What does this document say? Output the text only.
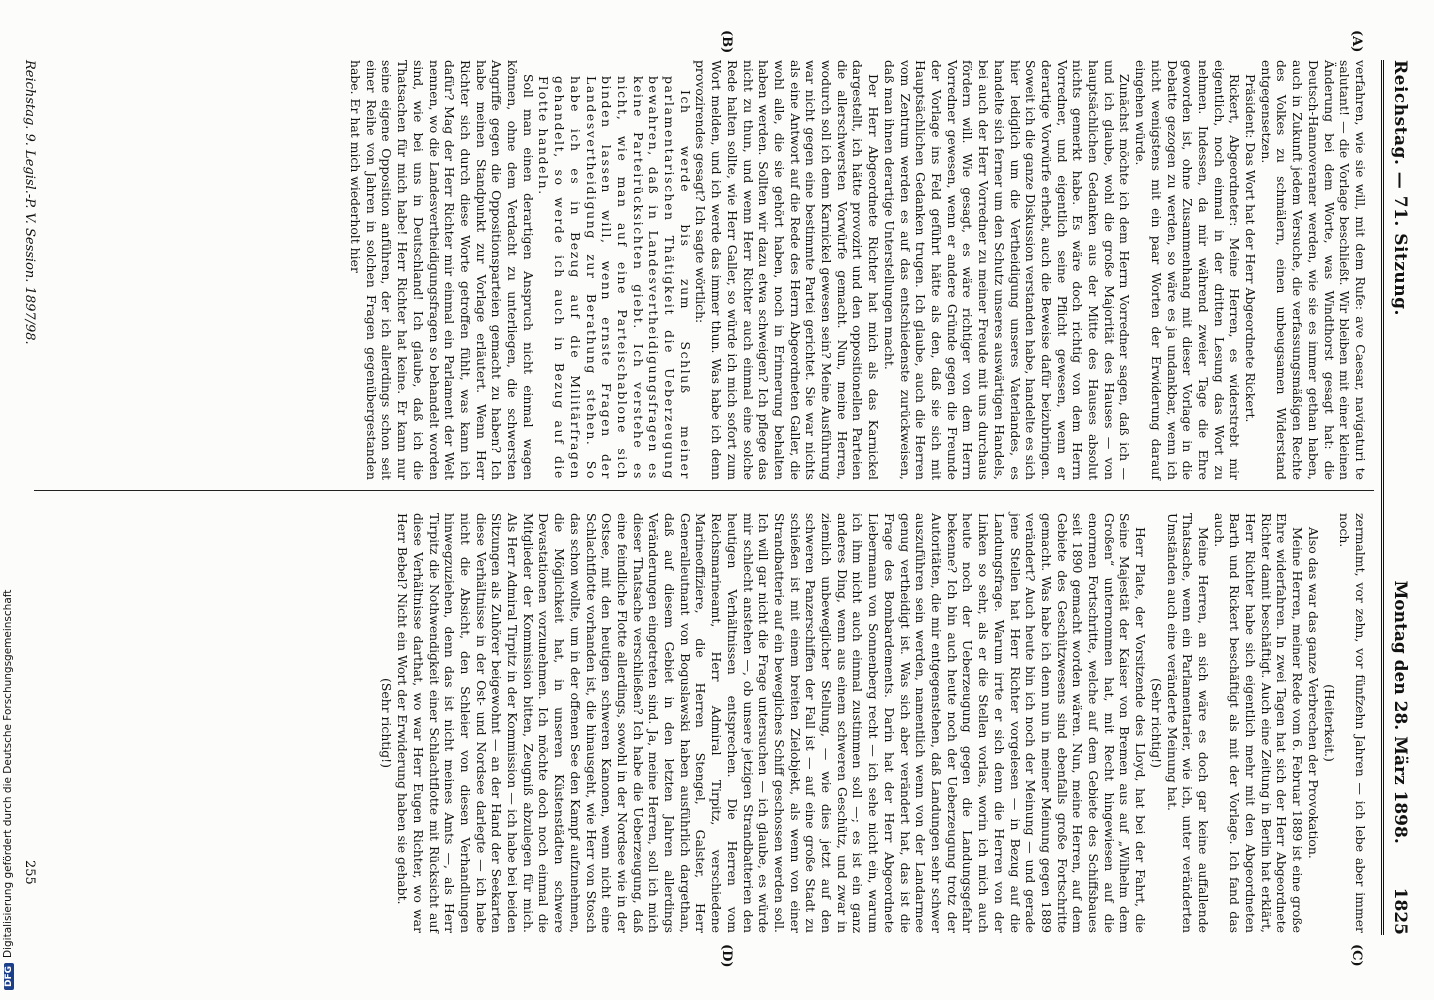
Reichstag. — 71. Sitzung.
Montag den 28. März 1898. 1825
(A)
(B)
(C)
(D)

verfahren, wie sie will, mit dem Rufe: ave Caesar, navigaturi te salutant! — die Vorlage beschließt. Wir bleiben mit einer kleinen Änderung bei dem Worte, was Windthorst gesagt hat: die Deutsch-Hannoveraner werden, wie sie es immer gethan haben, auch in Zukunft jedem Versuche, die verfassungsmäßigen Rechte des Volkes zu schmälern, einen unbeugsamen Widerstand entgegensetzen.

Präsident: Das Wort hat der Herr Abgeordnete Rickert.

Rickert, Abgeordneter: Meine Herren, es widerstrebt mir eigentlich, noch einmal in der dritten Lesung das Wort zu nehmen. Indessen, da mir während zweier Tage die Ehre geworden ist, ohne Zusammenhang mit dieser Vorlage in die Debatte gezogen zu werden, so wäre es ja undankbar, wenn ich nicht wenigstens mit ein paar Worten der Erwiderung darauf eingehen würde.

Zunächst möchte ich dem Herrn Vorredner sagen, daß ich — und ich glaube, wohl die große Majorität des Hauses — von hauptsächlichen Gedanken aus der Mitte des Hauses absolut nichts gemerkt habe. Es wäre doch richtig von dem Herrn Vorredner, und eigentlich seine Pflicht gewesen, wenn er derartige Vorwürfe erhebt, auch die Beweise dafür beizubringen. Soweit ich die ganze Diskussion verstanden habe, handelte es sich hier lediglich um die Vertheidigung unseres Vaterlandes, es handelte sich ferner um den Schutz unseres auswärtigen Handels, bei auch der Herr Vorredner zu meiner Freude mit uns durchaus fördern will. Wie gesagt, es wäre richtiger von dem Herrn Vorredner gewesen, wenn er andere Gründe gegen die Freunde der Vorlage ins Feld geführt hätte als den, daß sie sich mit Hauptsächlichen Gedanken trugen. Ich glaube, auch die Herren vom Zentrum werden es auf das entschiedenste zurückweisen, daß man ihnen derartige Unterstellungen macht.

Der Herr Abgeordnete Richter hat mich als das Karnickel dargestellt, ich hätte provozirt und den oppositionellen Parteien die allerschwersten Vorwürfe gemacht. Nun, meine Herren, wodurch soll ich denn Karnickel gewesen sein? Meine Ausführung war nicht gegen eine bestimmte Partei gerichtet. Sie war nichts als eine Antwort auf die Rede des Herrn Abgeordneten Galler, die wohl alle, die sie gehört haben, noch in Erinnerung behalten haben werden. Sollten wir dazu etwa schweigen? Ich pflege das nicht zu thun, und wenn Herr Richter auch einmal eine solche Rede halten sollte, wie Herr Galler, so würde ich mich sofort zum Wort melden, und ich werde das immer thun. Was habe ich denn provozirendes gesagt? Ich sagte wörtlich:

Ich werde bis zum Schluß meiner parlamentarischen Thätigkeit die Ueberzeugung bewahren, daß in Landesvertheidigungsfragen es keine Parteirücksichten giebt. Ich verstehe es nicht, wie man auf eine Parteischablone sich binden lassen will, wenn ernste Fragen der Landesvertheidigung zur Berathung stehen. So habe ich es in Bezug auf die Militärfragen gehandelt, so werde ich auch in Bezug auf die Flotte handeln.

Soll man einen derartigen Anspruch nicht einmal wagen können, ohne dem Verdacht zu unterliegen, die schwersten Angriffe gegen die Oppositionsparteien gemacht zu haben? Ich habe meinen Standpunkt zur Vorlage erläutert. Wenn Herr Richter sich durch diese Worte getroffen fühlt, was kann ich dafür? Mag der Herr Richter mir einmal ein Parlament der Welt nennen, wo die Landesvertheidigungsfragen so behandelt worden sind, wie bei uns in Deutschland! Ich glaube, daß ich die Thatsachen für mich habe! Herr Richter hat keine. Er kann nur seine eigene Opposition anführen, der ich allerdings schon seit einer Reihe von Jahren in solchen Fragen gegenübergestanden habe. Er hat mich wiederholt hier

zermalmt, vor zehn, vor fünfzehn Jahren — ich lebe aber immer noch.

(Heiterkeit.)

Also das war das ganze Verbrechen der Provokation.

Meine Herren, meiner Rede vom 6. Februar 1889 ist eine große Ehre widerfahren. In zwei Tagen hat sich der Herr Abgeordnete Richter damit beschäftigt. Auch eine Zeitung in Berlin hat erklärt, Herr Richter habe sich eigentlich mehr mit den Abgeordneten Barth und Rickert beschäftigt als mit der Vorlage. Ich fand das auch.

Meine Herren, an sich wäre es doch gar keine auffallende Thatsache, wenn ein Parlamentarier, wie ich, unter veränderten Umständen auch eine veränderte Meinung hat.

(Sehr richtig!)

Herr Plate, der Vorsitzende des Lloyd, hat bei der Fahrt, die Seine Majestät der Kaiser von Bremen aus auf „Wilhelm dem Großen“ unternommen hat, mit Recht hingewiesen auf die enormen Fortschritte, welche auf dem Gebiete des Schiffsbaues seit 1890 gemacht worden wären. Nun, meine Herren, auf dem Gebiete des Geschützwesens sind ebenfalls große Fortschritte gemacht. Was habe ich denn nun in meiner Meinung gegen 1889 verändert? Auch heute bin ich noch der Meinung — und gerade jene Stellen hat Herr Richter vorgelesen — in Bezug auf die Landungsfrage. Warum irrte er sich denn die Herren von der Linken so sehr, als er die Stellen vorlas, worin ich mich auch heute noch der Ueberzeugung gegen die Landungsgefahr bekenne? Ich bin auch heute noch der Ueberzeugung trotz der Autoritäten, die mir entgegenstehen, daß Landungen sehr schwer auszuführen sein werden, namentlich wenn von der Landarmee genug vertheidigt ist. Was sich aber verändert hat, das ist die Frage des Bombardements. Darin hat der Herr Abgeordnete Liebermann von Sonnenberg recht — ich sehe nicht ein, warum ich ihm nicht auch einmal zustimmen soll —; es ist ein ganz anderes Ding, wenn aus einem schweren Geschütz, und zwar in ziemlich unbeweglicher Stellung, — wie dies jetzt auf den schweren Panzerschiffen der Fall ist — auf eine große Stadt zu schießen ist mit einem breiten Zielobjekt, als wenn von einer Strandbatterie auf ein bewegliches Schiff geschossen werden soll. Ich will gar nicht die Frage untersuchen — ich glaube, es würde mir schlecht anstehen —, ob unsere jetzigen Strandbatterien den heutigen Verhältnissen entsprechen. Die Herren vom Reichsmarineamt, Herr Admiral Tirpitz, verschiedene Marineoffiziere, die Herren Stengel, Galster, Herr Generalleutnant von Boguslawski haben ausführlich dargethan, daß auf diesem Gebiet in den letzten Jahren allerdings Veränderungen eingetreten sind. Ja, meine Herren, soll ich mich dieser Thatsache verschließen? Ich habe die Ueberzeugung, daß eine feindliche Flotte allerdings, sowohl in der Nordsee wie in der Ostsee, mit den heutigen schweren Kanonen, wenn nicht eine Schlachtflotte vorhanden ist, die hinausgeht, wie Herr von Stosch das schon wollte, um in der offenen See den Kampf aufzunehmen, die Möglichkeit hat, in unseren Küstenstädten schwere Devastationen vorzunehmen. Ich möchte doch noch einmal die Mitglieder der Kommission bitten, Zeugniß abzulegen für mich. Als Herr Admiral Tirpitz in der Kommission — ich habe bei beiden Sitzungen als Zuhörer beigewohnt — an der Hand der Seekarten diese Verhältnisse in der Ost- und Nordsee darlegte — ich habe nicht die Absicht, den Schleier von diesen Verhandlungen hinwegzuziehen, denn das ist nicht meines Amts —, als Herr Tirpitz die Nothwendigkeit einer Schlachtflotte mit Rücksicht auf diese Verhältnisse darthat, wo war Herr Eugen Richter, wo war Herr Bebel? Nicht ein Wort der Erwiderung haben sie gehabt.

(Sehr richtig!)

Reichstag. 9. Legisl.-P. V. Session. 1897/98.
255
DFGDigitalisierung gefördert durch die Deutsche Forschungsgemeinschaft
